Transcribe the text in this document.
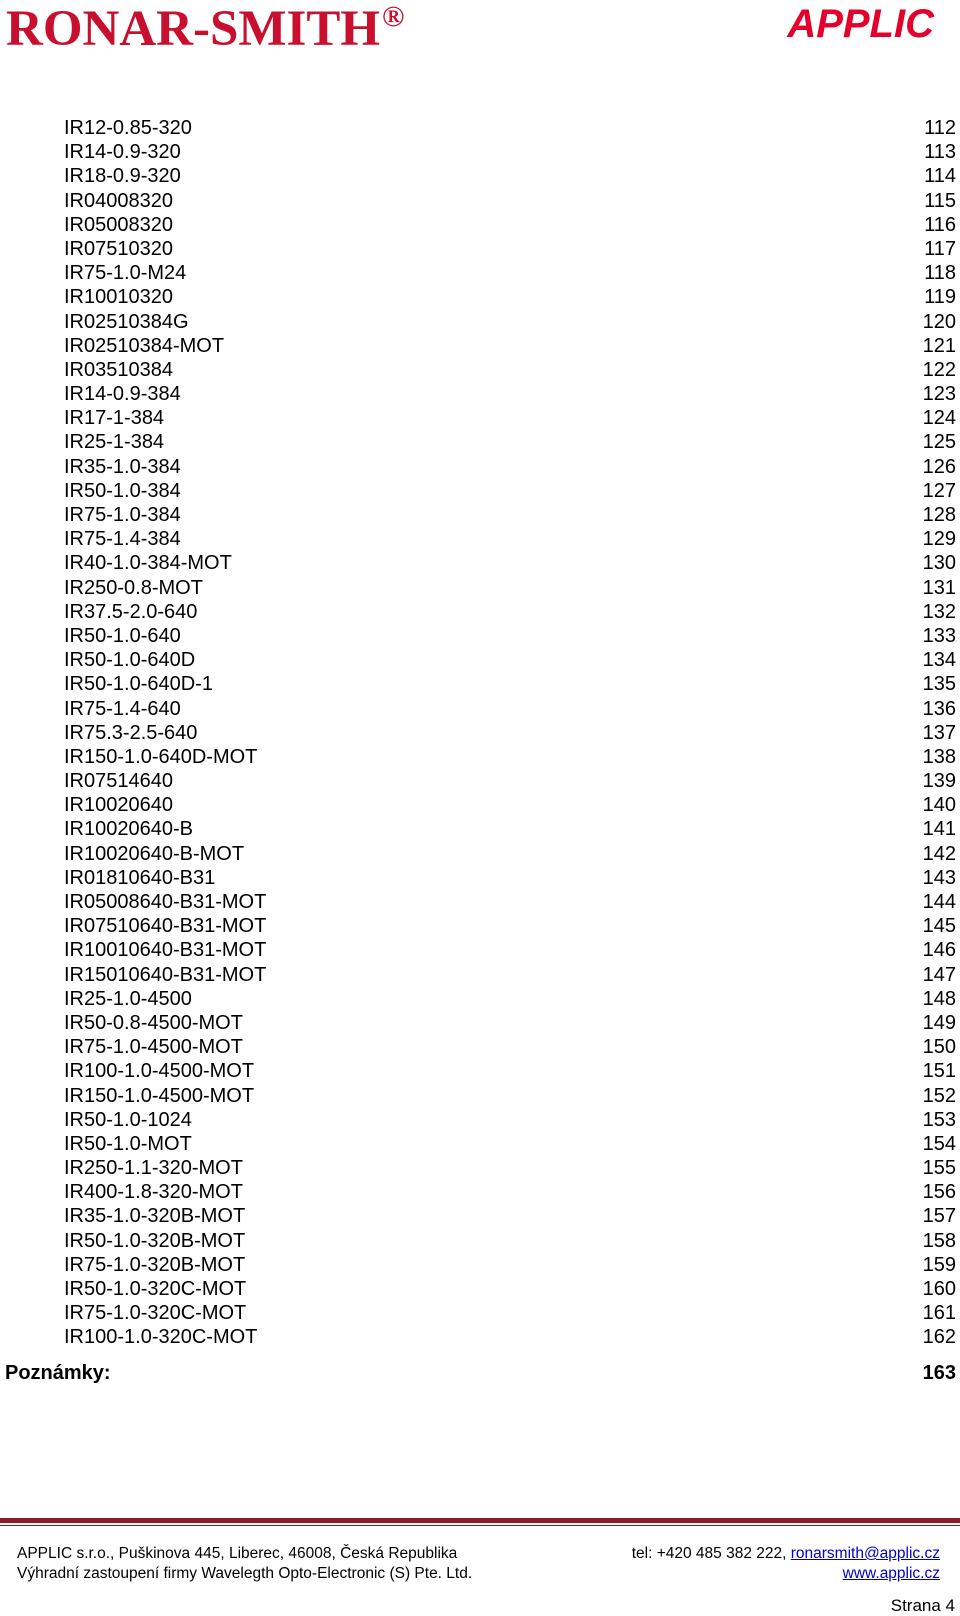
RONAR-SMITH®	APPLIC
IR12-0.85-320	112
IR14-0.9-320	113
IR18-0.9-320	114
IR04008320	115
IR05008320	116
IR07510320	117
IR75-1.0-M24	118
IR10010320	119
IR02510384G	120
IR02510384-MOT	121
IR03510384	122
IR14-0.9-384	123
IR17-1-384	124
IR25-1-384	125
IR35-1.0-384	126
IR50-1.0-384	127
IR75-1.0-384	128
IR75-1.4-384	129
IR40-1.0-384-MOT	130
IR250-0.8-MOT	131
IR37.5-2.0-640	132
IR50-1.0-640	133
IR50-1.0-640D	134
IR50-1.0-640D-1	135
IR75-1.4-640	136
IR75.3-2.5-640	137
IR150-1.0-640D-MOT	138
IR07514640	139
IR10020640	140
IR10020640-B	141
IR10020640-B-MOT	142
IR01810640-B31	143
IR05008640-B31-MOT	144
IR07510640-B31-MOT	145
IR10010640-B31-MOT	146
IR15010640-B31-MOT	147
IR25-1.0-4500	148
IR50-0.8-4500-MOT	149
IR75-1.0-4500-MOT	150
IR100-1.0-4500-MOT	151
IR150-1.0-4500-MOT	152
IR50-1.0-1024	153
IR50-1.0-MOT	154
IR250-1.1-320-MOT	155
IR400-1.8-320-MOT	156
IR35-1.0-320B-MOT	157
IR50-1.0-320B-MOT	158
IR75-1.0-320B-MOT	159
IR50-1.0-320C-MOT	160
IR75-1.0-320C-MOT	161
IR100-1.0-320C-MOT	162
Poznámky:	163
APPLIC s.r.o., Puškinova 445, Liberec, 46008, Česká Republika
Výhradní zastoupení firmy Wavelegth Opto-Electronic (S) Pte. Ltd.
tel: +420 485 382 222, ronarsmith@applic.cz
www.applic.cz
Strana 4
